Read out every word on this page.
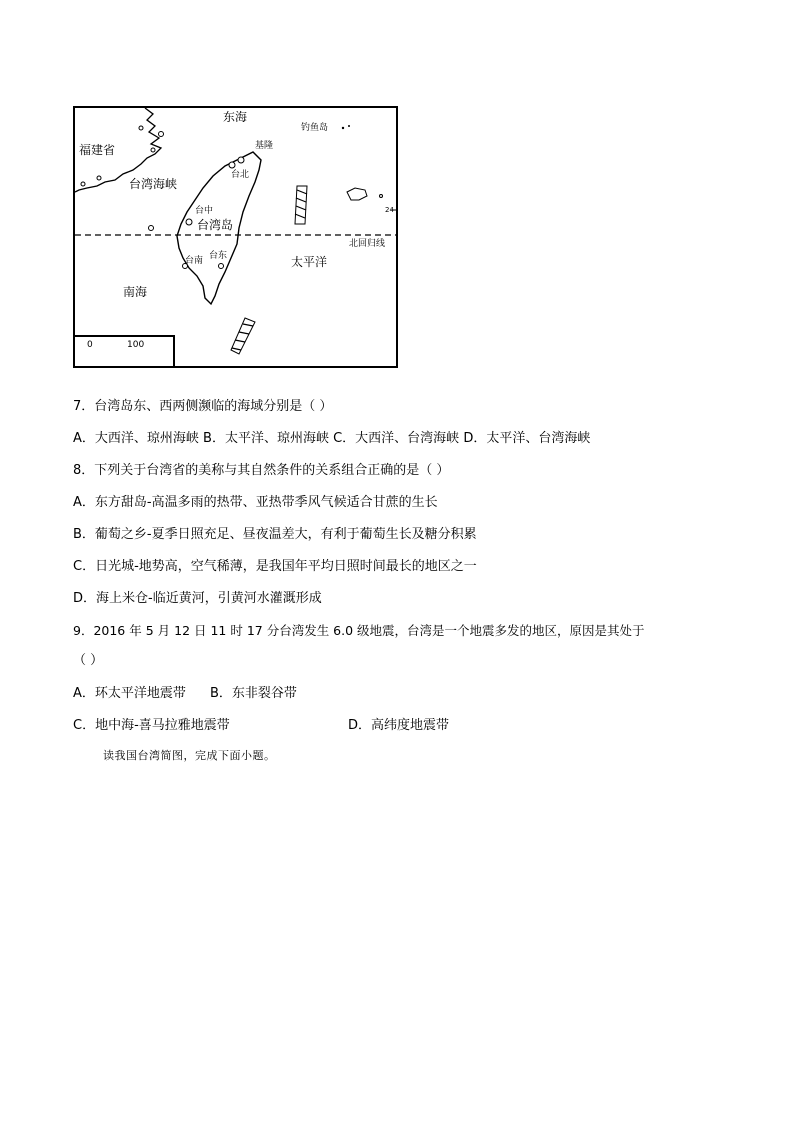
东海
钓鱼岛
福建省	基隆
台湾海峡
台北
台中
台湾岛
台南 台东	太平洋
南海
北回归线
24
0	100
7．台湾岛东、西两侧濒临的海域分别是（ ）
A．大西洋、琼州海峡 B．太平洋、琼州海峡 C．大西洋、台湾海峡 D．太平洋、台湾海峡
8．下列关于台湾省的美称与其自然条件的关系组合正确的是（ ）
A．东方甜岛-高温多雨的热带、亚热带季风气候适合甘蔗的生长
B．葡萄之乡-夏季日照充足、昼夜温差大，有利于葡萄生长及糖分积累
C．日光城-地势高，空气稀薄，是我国年平均日照时间最长的地区之一
D．海上米仓-临近黄河，引黄河水灌溉形成
9．2016 年 5 月 12 日 11 时 17 分台湾发生 6.0 级地震，台湾是一个地震多发的地区，原因是其处于
（ ）
A．环太平洋地震带 B．东非裂谷带
C．地中海-喜马拉雅地震带	D．高纬度地震带
读我国台湾简图，完成下面小题。
